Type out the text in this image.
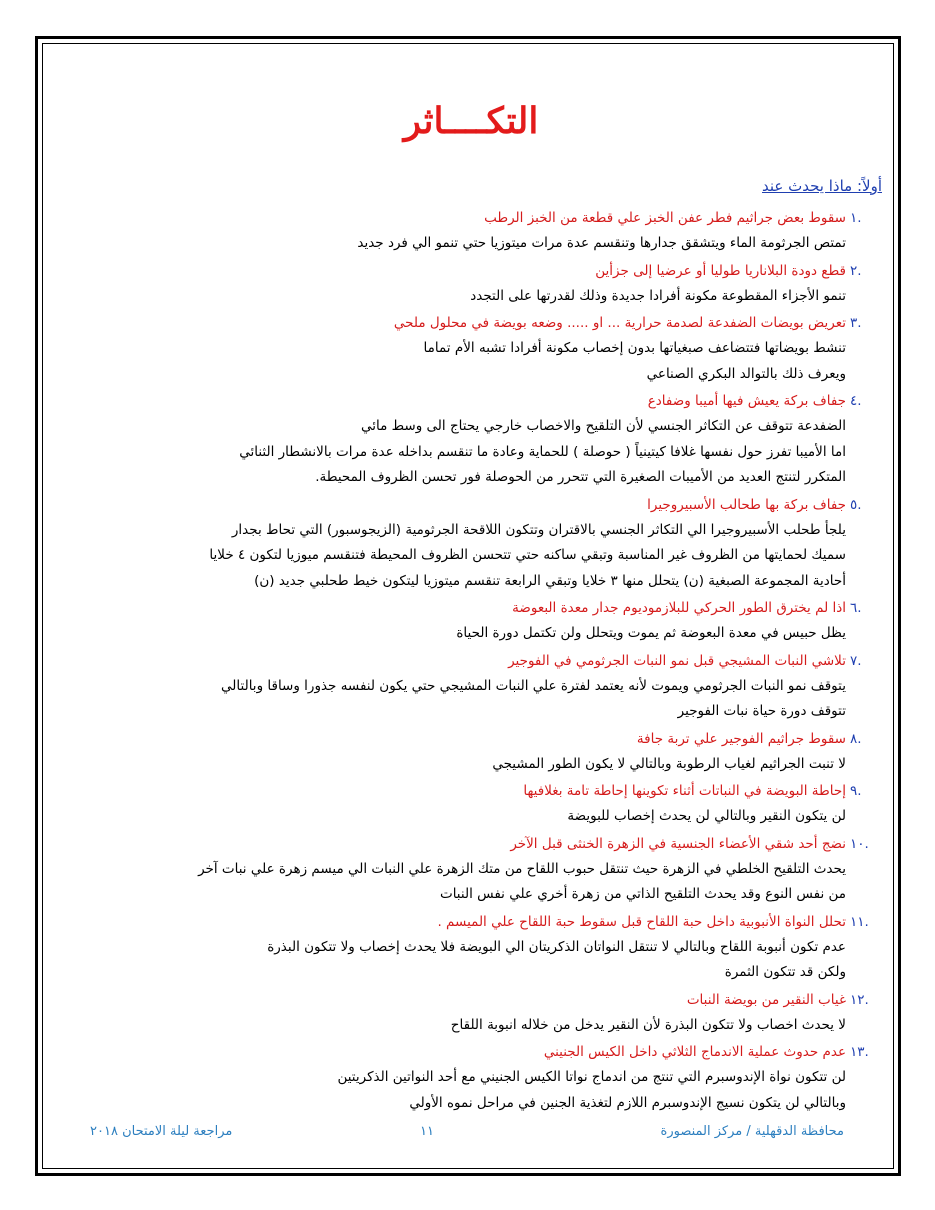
التكــــاثر
أولاً: ماذا يحدث عند
١.
سقوط بعض جراثيم فطر عفن الخبز علي قطعة من الخبز الرطب
تمتص الجرثومة الماء ويتشقق جدارها وتنقسم عدة مرات ميتوزيا حتي تنمو الي فرد جديد
٢.
قطع دودة البلاناريا طوليا أو عرضيا إلى جزأين
تنمو الأجزاء المقطوعة مكونة أفرادا جديدة وذلك لقدرتها على التجدد
٣.
تعريض بويضات الضفدعة لصدمة حرارية ... او ..... وضعه بويضة في محلول ملحي
تنشط بويضاتها فتتضاعف صبغياتها بدون إخصاب مكونة أفرادا تشبه الأم تماما
ويعرف ذلك بالتوالد البكري الصناعي
٤.
جفاف بركة يعيش فيها أميبا وضفادع
الضفدعة تتوقف عن التكاثر الجنسي لأن التلقيح والاخصاب خارجي يحتاج الى وسط مائي
اما الأميبا تفرز حول نفسها غلافا كيتينياً ( حوصلة ) للحماية وعادة ما تنقسم بداخله عدة مرات بالانشطار الثنائي
المتكرر لتنتج العديد من الأميبات الصغيرة التي تتحرر من الحوصلة فور تحسن الظروف المحيطة.
٥.
جفاف بركة بها طحالب الأسبيروجيرا
يلجأ طحلب الأسبيروجيرا الي التكاثر الجنسي بالاقتران وتتكون اللاقحة الجرثومية (الزيجوسبور) التي تحاط بجدار
سميك لحمايتها من الظروف غير المناسبة وتبقي ساكنه حتي تتحسن الظروف المحيطة فتنقسم ميوزيا لتكون ٤ خلايا
أحادية المجموعة الصبغية (ن) يتحلل منها ٣ خلايا وتبقي الرابعة تنقسم ميتوزيا ليتكون خيط طحلبي جديد (ن)
٦.
اذا لم يخترق الطور الحركي للبلازموديوم جدار معدة البعوضة
يظل حبيس في معدة البعوضة ثم يموت ويتحلل ولن تكتمل دورة الحياة
٧.
تلاشي النبات المشيجي قبل نمو النبات الجرثومي في الفوجير
يتوقف نمو النبات الجرثومي ويموت لأنه يعتمد لفترة علي النبات المشيجي حتي يكون لنفسه جذورا وساقا وبالتالي
تتوقف دورة حياة نبات الفوجير
٨.
سقوط جراثيم الفوجير علي تربة جافة
لا تنبت الجراثيم لغياب الرطوبة وبالتالي لا يكون الطور المشيجي
٩.
إحاطة البويضة في النباتات أثناء تكوينها إحاطة تامة بغلافيها
لن يتكون النقير وبالتالي لن يحدث إخصاب للبويضة
١٠.
نضج أحد شقي الأعضاء الجنسية في الزهرة الخنثى قبل الآخر
يحدث التلقيح الخلطي في الزهرة حيث تنتقل حبوب اللقاح من متك الزهرة علي النبات الي ميسم زهرة علي نبات آخر
من نفس النوع وقد يحدث التلقيح الذاتي من زهرة أخري علي نفس النبات
١١.
تحلل النواة الأنبوبية داخل حبة اللقاح قبل سقوط حبة اللقاح علي الميسم .
عدم تكون أنبوبة اللقاح وبالتالي لا تنتقل النواتان الذكريتان الي البويضة فلا يحدث إخصاب ولا تتكون البذرة
ولكن قد تتكون الثمرة
١٢.
غياب النقير من بويضة النبات
لا يحدث اخصاب ولا تتكون البذرة لأن النقير يدخل من خلاله انبوبة اللقاح
١٣.
عدم حدوث عملية الاندماج الثلاثي داخل الكيس الجنيني
لن تتكون نواة الإندوسبرم التي تنتج من اندماج نواتا الكيس الجنيني مع أحد النواتين الذكريتين
وبالتالي لن يتكون نسيج الإندوسبرم اللازم لتغذية الجنين في مراحل نموه الأولي
محافظة الدقهلية / مركز المنصورة
١١
مراجعة ليلة الامتحان ٢٠١٨
